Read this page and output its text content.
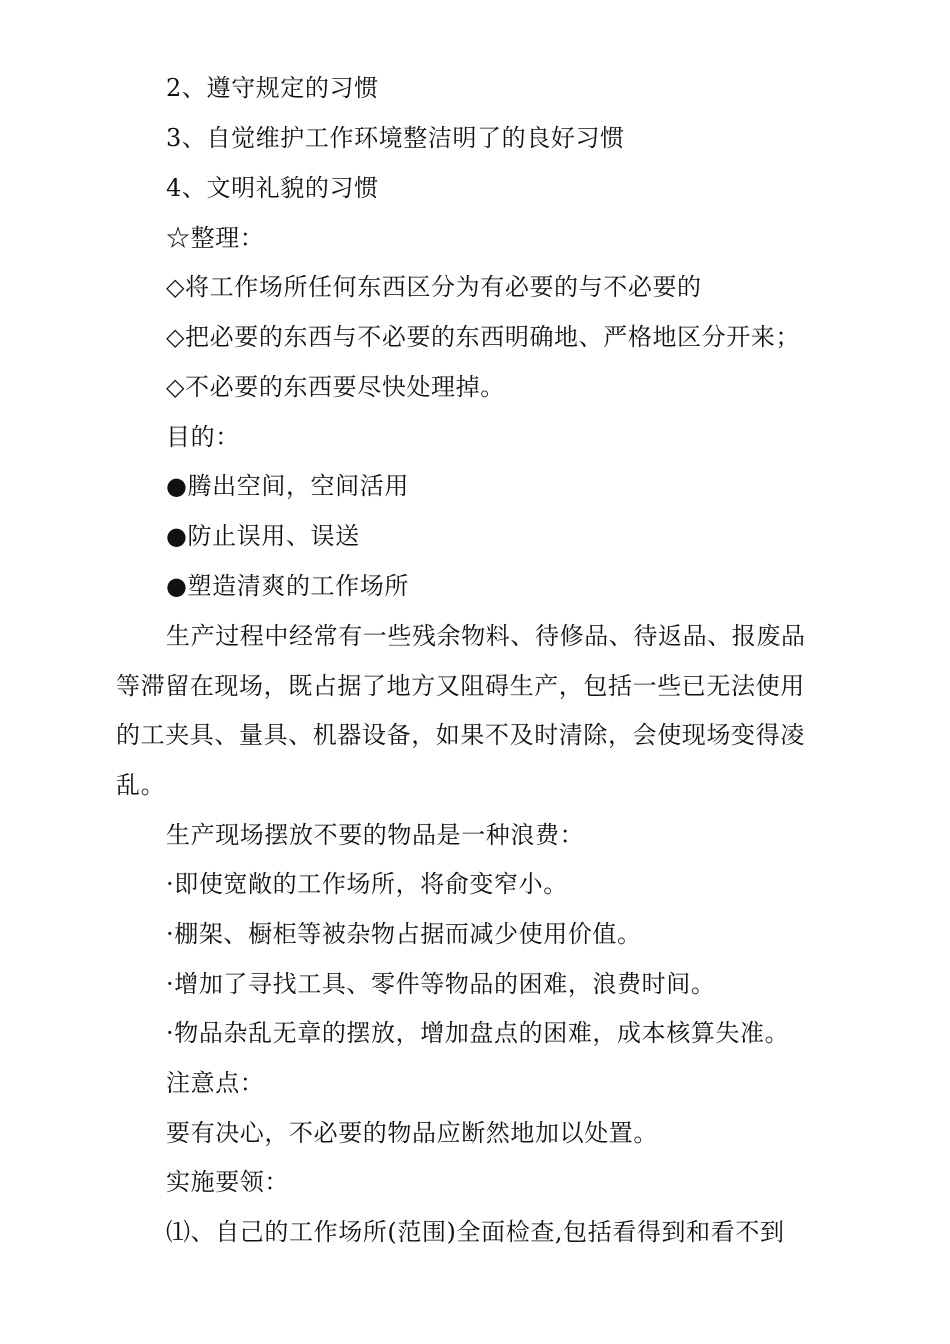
2、遵守规定的习惯
3、自觉维护工作环境整洁明了的良好习惯
4、文明礼貌的习惯
☆整理：
◇将工作场所任何东西区分为有必要的与不必要的
◇把必要的东西与不必要的东西明确地、严格地区分开来；
◇不必要的东西要尽快处理掉。
目的：
●腾出空间，空间活用
●防止误用、误送
●塑造清爽的工作场所
生产过程中经常有一些残余物料、待修品、待返品、报废品
等滞留在现场，既占据了地方又阻碍生产，包括一些已无法使用
的工夹具、量具、机器设备，如果不及时清除，会使现场变得凌
乱。
生产现场摆放不要的物品是一种浪费：
·即使宽敞的工作场所，将俞变窄小。
·棚架、橱柜等被杂物占据而减少使用价值。
·增加了寻找工具、零件等物品的困难，浪费时间。
·物品杂乱无章的摆放，增加盘点的困难，成本核算失准。
注意点：
要有决心，不必要的物品应断然地加以处置。
实施要领：
⑴、自己的工作场所(范围)全面检查,包括看得到和看不到
